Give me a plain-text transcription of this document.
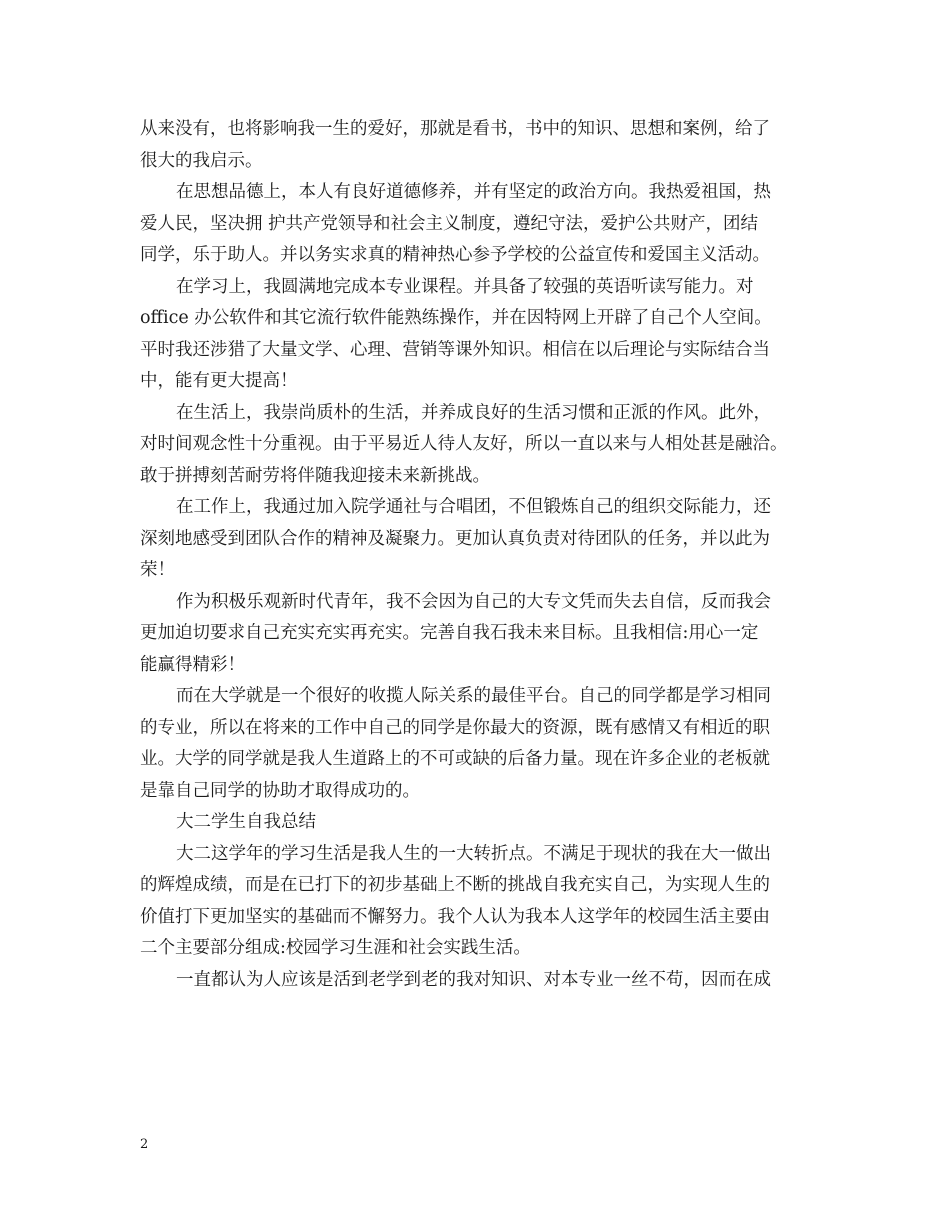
从来没有，也将影响我一生的爱好，那就是看书，书中的知识、思想和案例，给了
很大的我启示。
在思想品德上，本人有良好道德修养，并有坚定的政治方向。我热爱祖国，热
爱人民，坚决拥 护共产党领导和社会主义制度，遵纪守法，爱护公共财产，团结
同学，乐于助人。并以务实求真的精神热心参予学校的公益宣传和爱国主义活动。
在学习上，我圆满地完成本专业课程。并具备了较强的英语听读写能力。对
office 办公软件和其它流行软件能熟练操作，并在因特网上开辟了自己个人空间。
平时我还涉猎了大量文学、心理、营销等课外知识。相信在以后理论与实际结合当
中，能有更大提高！
在生活上，我崇尚质朴的生活，并养成良好的生活习惯和正派的作风。此外，
对时间观念性十分重视。由于平易近人待人友好，所以一直以来与人相处甚是融洽。
敢于拼搏刻苦耐劳将伴随我迎接未来新挑战。
在工作上，我通过加入院学通社与合唱团，不但锻炼自己的组织交际能力，还
深刻地感受到团队合作的精神及凝聚力。更加认真负责对待团队的任务，并以此为
荣！
作为积极乐观新时代青年，我不会因为自己的大专文凭而失去自信，反而我会
更加迫切要求自己充实充实再充实。完善自我石我未来目标。且我相信:用心一定
能赢得精彩！
而在大学就是一个很好的收揽人际关系的最佳平台。自己的同学都是学习相同
的专业，所以在将来的工作中自己的同学是你最大的资源，既有感情又有相近的职
业。大学的同学就是我人生道路上的不可或缺的后备力量。现在许多企业的老板就
是靠自己同学的协助才取得成功的。
大二学生自我总结
大二这学年的学习生活是我人生的一大转折点。不满足于现状的我在大一做出
的辉煌成绩，而是在已打下的初步基础上不断的挑战自我充实自己，为实现人生的
价值打下更加坚实的基础而不懈努力。我个人认为我本人这学年的校园生活主要由
二个主要部分组成:校园学习生涯和社会实践生活。
一直都认为人应该是活到老学到老的我对知识、对本专业一丝不苟，因而在成
2
